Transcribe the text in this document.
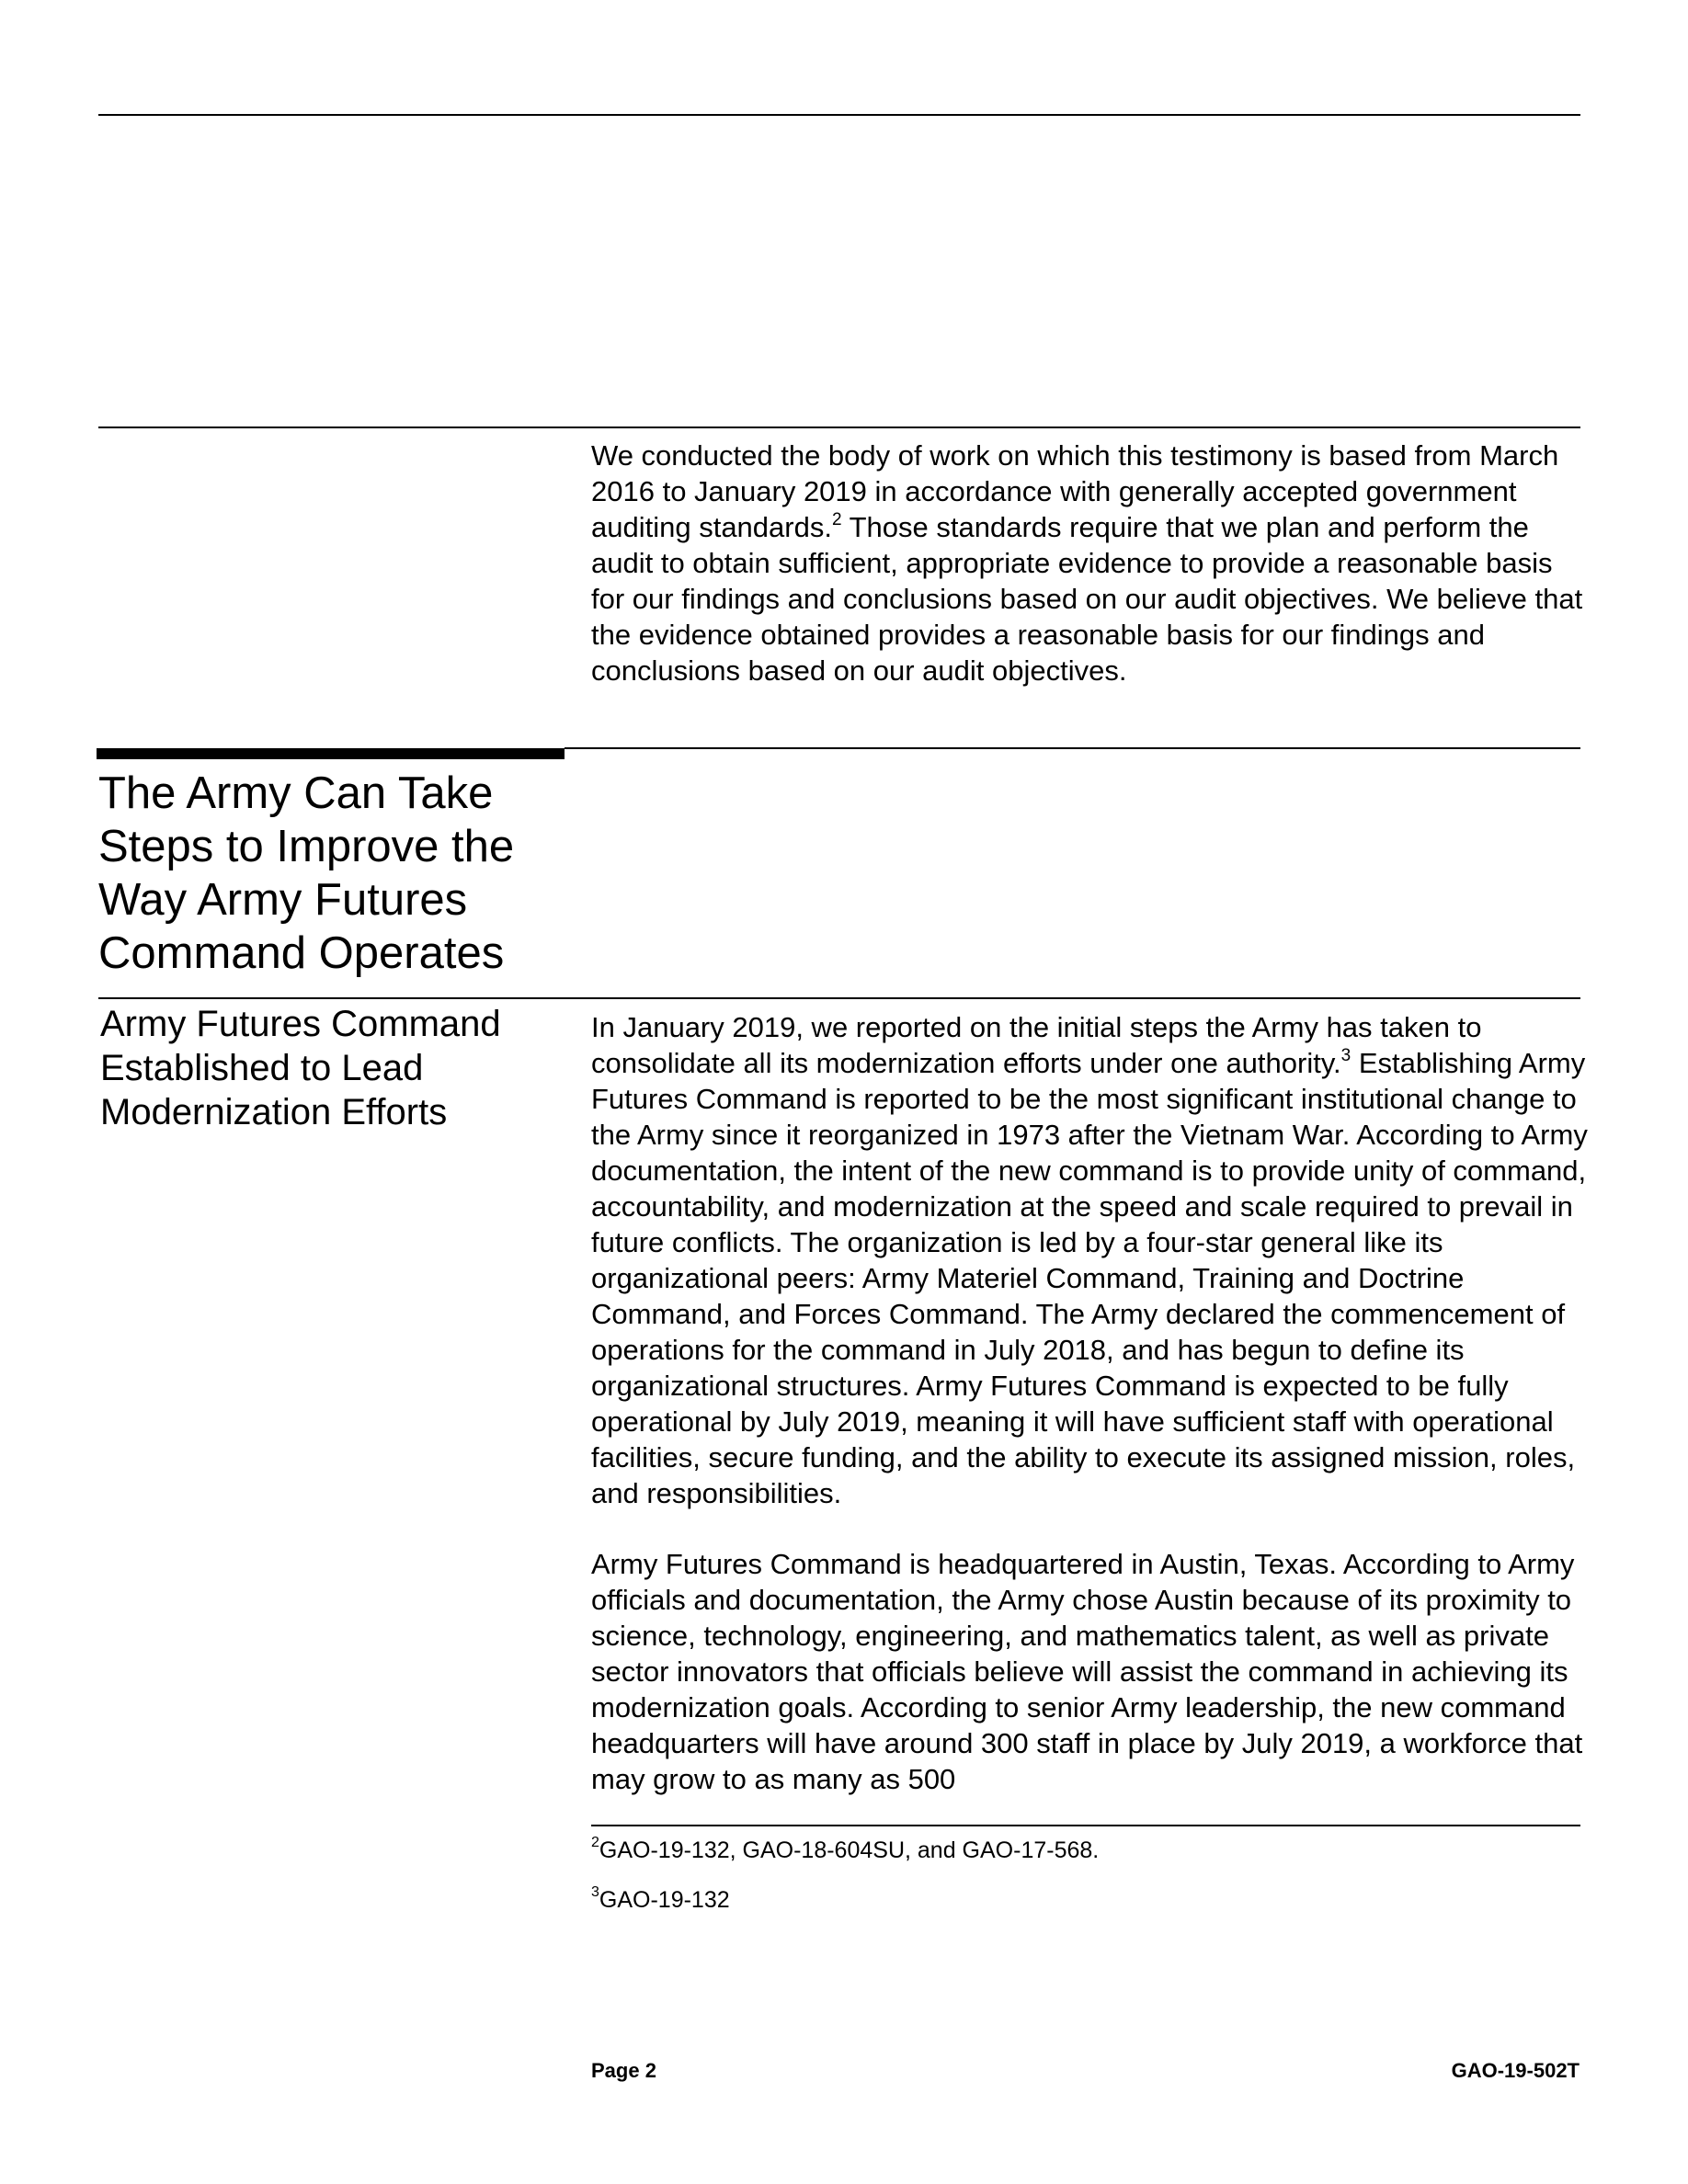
We conducted the body of work on which this testimony is based from March 2016 to January 2019 in accordance with generally accepted government auditing standards.$^2$ Those standards require that we plan and perform the audit to obtain sufficient, appropriate evidence to provide a reasonable basis for our findings and conclusions based on our audit objectives. We believe that the evidence obtained provides a reasonable basis for our findings and conclusions based on our audit objectives.

The Army Can Take
Steps to Improve the
Way Army Futures
Command Operates
Army Futures Command
Established to Lead
Modernization Efforts

In January 2019, we reported on the initial steps the Army has taken to consolidate all its modernization efforts under one authority.$^3$ Establishing Army Futures Command is reported to be the most significant institutional change to the Army since it reorganized in 1973 after the Vietnam War. According to Army documentation, the intent of the new command is to provide unity of command, accountability, and modernization at the speed and scale required to prevail in future conflicts. The organization is led by a four-star general like its organizational peers: Army Materiel Command, Training and Doctrine Command, and Forces Command. The Army declared the commencement of operations for the command in July 2018, and has begun to define its organizational structures. Army Futures Command is expected to be fully operational by July 2019, meaning it will have sufficient staff with operational facilities, secure funding, and the ability to execute its assigned mission, roles, and responsibilities.

Army Futures Command is headquartered in Austin, Texas. According to Army officials and documentation, the Army chose Austin because of its proximity to science, technology, engineering, and mathematics talent, as well as private sector innovators that officials believe will assist the command in achieving its modernization goals. According to senior Army leadership, the new command headquarters will have around 300 staff in place by July 2019, a workforce that may grow to as many as 500

$^2$GAO-19-132, GAO-18-604SU, and GAO-17-568.

$^3$GAO-19-132

Page 2	GAO-19-502T
